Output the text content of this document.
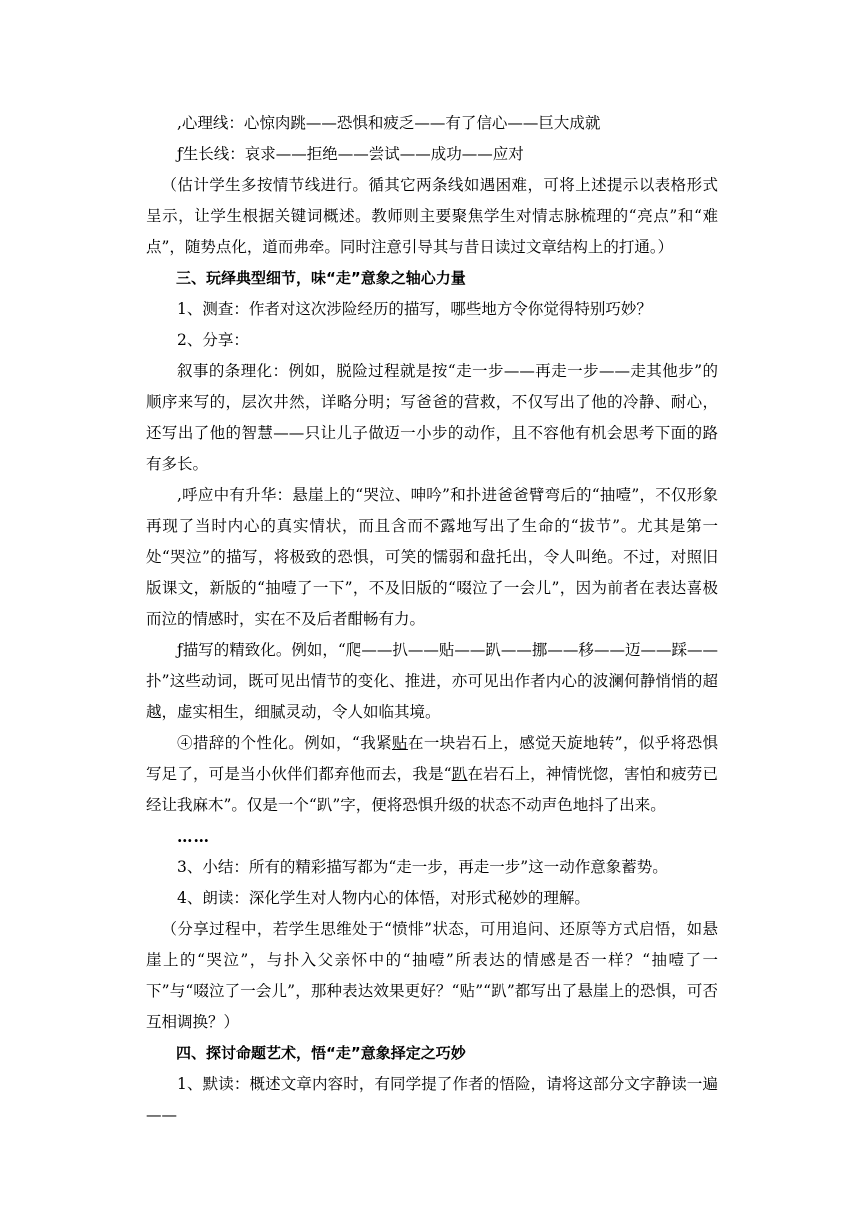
,心理线：心惊肉跳——恐惧和疲乏——有了信心——巨大成就

ƒ生长线：哀求——拒绝——尝试——成功——应对

（估计学生多按情节线进行。循其它两条线如遇困难，可将上述提示以表格形式呈示，让学生根据关键词概述。教师则主要聚焦学生对情志脉梳理的“亮点”和“难点”，随势点化，道而弗牵。同时注意引导其与昔日读过文章结构上的打通。）

三、玩绎典型细节，味“走”意象之轴心力量

1、测查：作者对这次涉险经历的描写，哪些地方令你觉得特别巧妙？

2、分享：

叙事的条理化：例如，脱险过程就是按“走一步——再走一步——走其他步”的顺序来写的，层次井然，详略分明；写爸爸的营救，不仅写出了他的冷静、耐心，还写出了他的智慧——只让儿子做迈一小步的动作，且不容他有机会思考下面的路有多长。

,呼应中有升华：悬崖上的“哭泣、呻吟”和扑进爸爸臂弯后的“抽噎”，不仅形象再现了当时内心的真实情状，而且含而不露地写出了生命的“拔节”。尤其是第一处“哭泣”的描写，将极致的恐惧，可笑的懦弱和盘托出，令人叫绝。不过，对照旧版课文，新版的“抽噎了一下”，不及旧版的“啜泣了一会儿”，因为前者在表达喜极而泣的情感时，实在不及后者酣畅有力。

ƒ描写的精致化。例如，“爬——扒——贴——趴——挪——移——迈——踩——扑”这些动词，既可见出情节的变化、推进，亦可见出作者内心的波澜何静悄悄的超越，虚实相生，细腻灵动，令人如临其境。

④措辞的个性化。例如，“我紧贴在一块岩石上，感觉天旋地转”，似乎将恐惧写足了，可是当小伙伴们都弃他而去，我是“趴在岩石上，神情恍惚，害怕和疲劳已经让我麻木”。仅是一个“趴”字，便将恐惧升级的状态不动声色地抖了出来。

……

3、小结：所有的精彩描写都为“走一步，再走一步”这一动作意象蓄势。

4、朗读：深化学生对人物内心的体悟，对形式秘妙的理解。

（分享过程中，若学生思维处于“愤悱”状态，可用追问、还原等方式启悟，如悬崖上的“哭泣”，与扑入父亲怀中的“抽噎”所表达的情感是否一样？“抽噎了一下”与“啜泣了一会儿”，那种表达效果更好？“贴”“趴”都写出了悬崖上的恐惧，可否互相调换？）

四、探讨命题艺术，悟“走”意象择定之巧妙

1、默读：概述文章内容时，有同学提了作者的悟险，请将这部分文字静读一遍——
